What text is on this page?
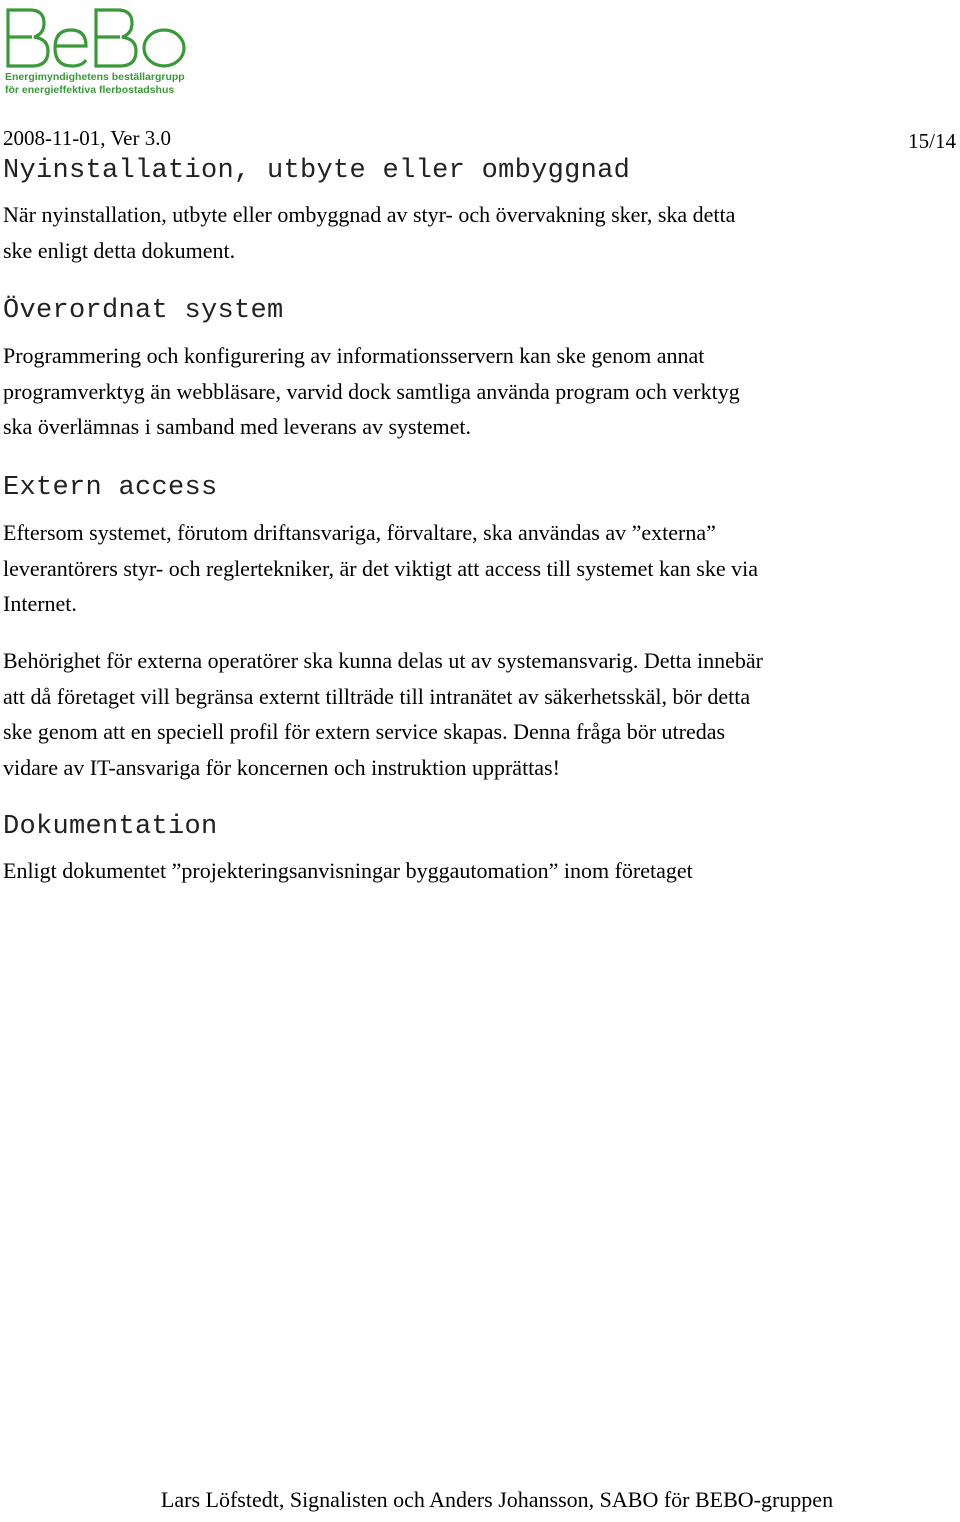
Energimyndighetens beställargrupp
för energieffektiva flerbostadshus
2008-11-01, Ver 3.0	15/14
Nyinstallation, utbyte eller ombyggnad
När nyinstallation, utbyte eller ombyggnad av styr- och övervakning sker, ska detta
ske enligt detta dokument.
Överordnat system
Programmering och konfigurering av informationsservern kan ske genom annat
programverktyg än webbläsare, varvid dock samtliga använda program och verktyg
ska överlämnas i samband med leverans av systemet.
Extern access
Eftersom systemet, förutom driftansvariga, förvaltare, ska användas av ”externa”
leverantörers styr- och reglertekniker, är det viktigt att access till systemet kan ske via
Internet.
Behörighet för externa operatörer ska kunna delas ut av systemansvarig. Detta innebär
att då företaget vill begränsa externt tillträde till intranätet av säkerhetsskäl, bör detta
ske genom att en speciell profil för extern service skapas. Denna fråga bör utredas
vidare av IT-ansvariga för koncernen och instruktion upprättas!
Dokumentation
Enligt dokumentet ”projekteringsanvisningar byggautomation” inom företaget
Lars Löfstedt, Signalisten och Anders Johansson, SABO för BEBO-gruppen
